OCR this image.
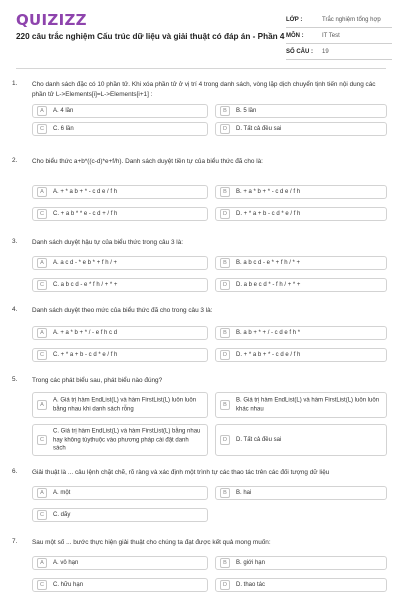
QUIZIZZ
220 câu trắc nghiệm Cấu trúc dữ liệu và giải thuật có đáp án - Phần 4
LỚP :	Trắc nghiệm tổng hợp
MÔN :	IT Test
SỐ CÂU :	19
1. Cho danh sách đặc có 10 phần tử. Khi xóa phần tử ở vị trí 4 trong danh sách, vòng lặp dịch chuyển tịnh tiến nội dung các phần tử L->Elements[i]=L->Elements[i+1] :
A	A. 4 lần	B	B. 5 lần
C	C. 6 lần	D	D. Tất cả đều sai
2. Cho biểu thức a+b*((c-d)*e+f/h). Danh sách duyệt tiền tự của biểu thức đã cho là:
A	A. + * a b + * - c d e / f h	B	B. + a * b + * - c d e / f h
C	C. + a b * * e - c d + / f h	D	D. + * a + b - c d * e / f h
3. Danh sách duyệt hậu tự của biểu thức trong câu 3 là:
A	A. a c d - * e b * + f h / +	B	B. a b c d - e * + f h / * +
C	C. a b c d - e * f h / + * +	D	D. a b e c d * - f h / + * +
4. Danh sách duyệt theo mức của biểu thức đã cho trong câu 3 là:
A	A. + a * b + * / - e f h c d	B	B. a b + * + / - c d e f h *
C	C. + * a + b - c d * e / f h	D	D. + * a b + * - c d e / f h
5. Trong các phát biểu sau, phát biểu nào đúng?
A
A. Giá trị hàm EndList(L) và hàm FirstList(L) luôn luôn bằng nhau khi danh sách rỗng
B
B. Giá trị hàm EndList(L) và hàm FirstList(L) luôn luôn khác nhau
C
C. Giá trị hàm EndList(L) và hàm FirstList(L) bằng nhau hay không tùythuộc vào phương pháp cài đặt danh sách
D	D. Tất cả đều sai
6. Giải thuật là ... câu lệnh chặt chẽ, rõ ràng và xác định một trình tự các thao tác trên các đối tượng dữ liệu
A	A. một	B	B. hai
C	C. dãy
7. Sau một số ... bước thực hiện giải thuật cho chúng ta đạt được kết quả mong muốn:
A	A. vô hạn	B	B. giới hạn
C	C. hữu hạn	D	D. thao tác
